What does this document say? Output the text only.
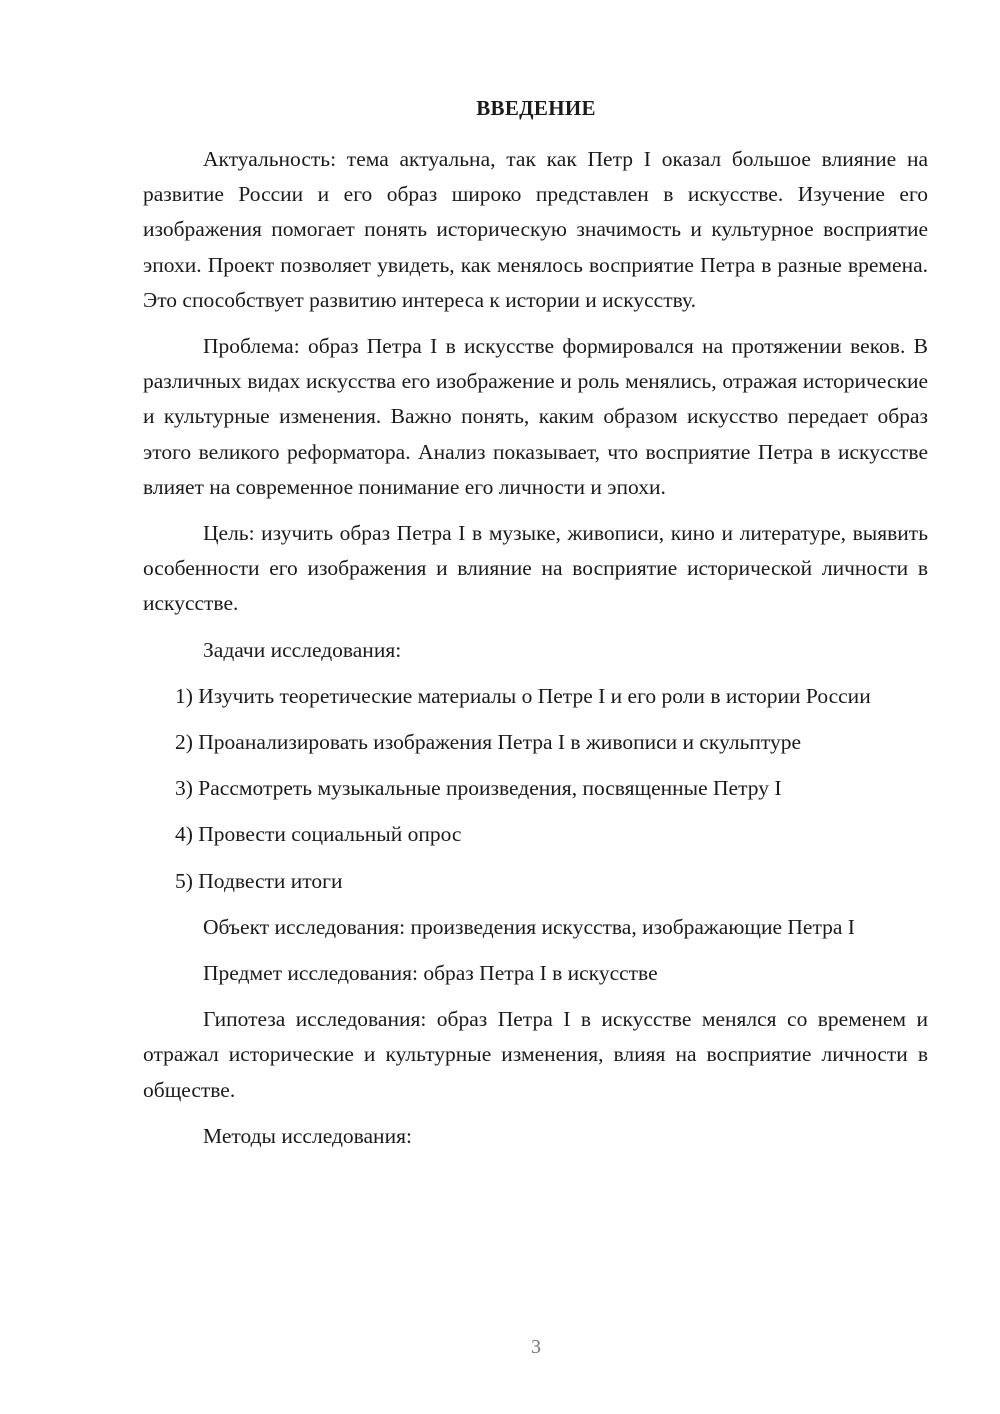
ВВЕДЕНИЕ

Актуальность: тема актуальна, так как Петр I оказал большое влияние на развитие России и его образ широко представлен в искусстве. Изучение его изображения помогает понять историческую значимость и культурное восприятие эпохи. Проект позволяет увидеть, как менялось восприятие Петра в разные времена. Это способствует развитию интереса к истории и искусству.

Проблема: образ Петра I в искусстве формировался на протяжении веков. В различных видах искусства его изображение и роль менялись, отражая исторические и культурные изменения. Важно понять, каким образом искусство передает образ этого великого реформатора. Анализ показывает, что восприятие Петра в искусстве влияет на современное понимание его личности и эпохи.

Цель: изучить образ Петра I в музыке, живописи, кино и литературе, выявить особенности его изображения и влияние на восприятие исторической личности в искусстве.

Задачи исследования:

1) Изучить теоретические материалы о Петре I и его роли в истории России

2) Проанализировать изображения Петра I в живописи и скульптуре

3) Рассмотреть музыкальные произведения, посвященные Петру I

4) Провести социальный опрос

5) Подвести итоги

Объект исследования: произведения искусства, изображающие Петра I

Предмет исследования: образ Петра I в искусстве

Гипотеза исследования: образ Петра I в искусстве менялся со временем и отражал исторические и культурные изменения, влияя на восприятие личности в обществе.

Методы исследования:

3
